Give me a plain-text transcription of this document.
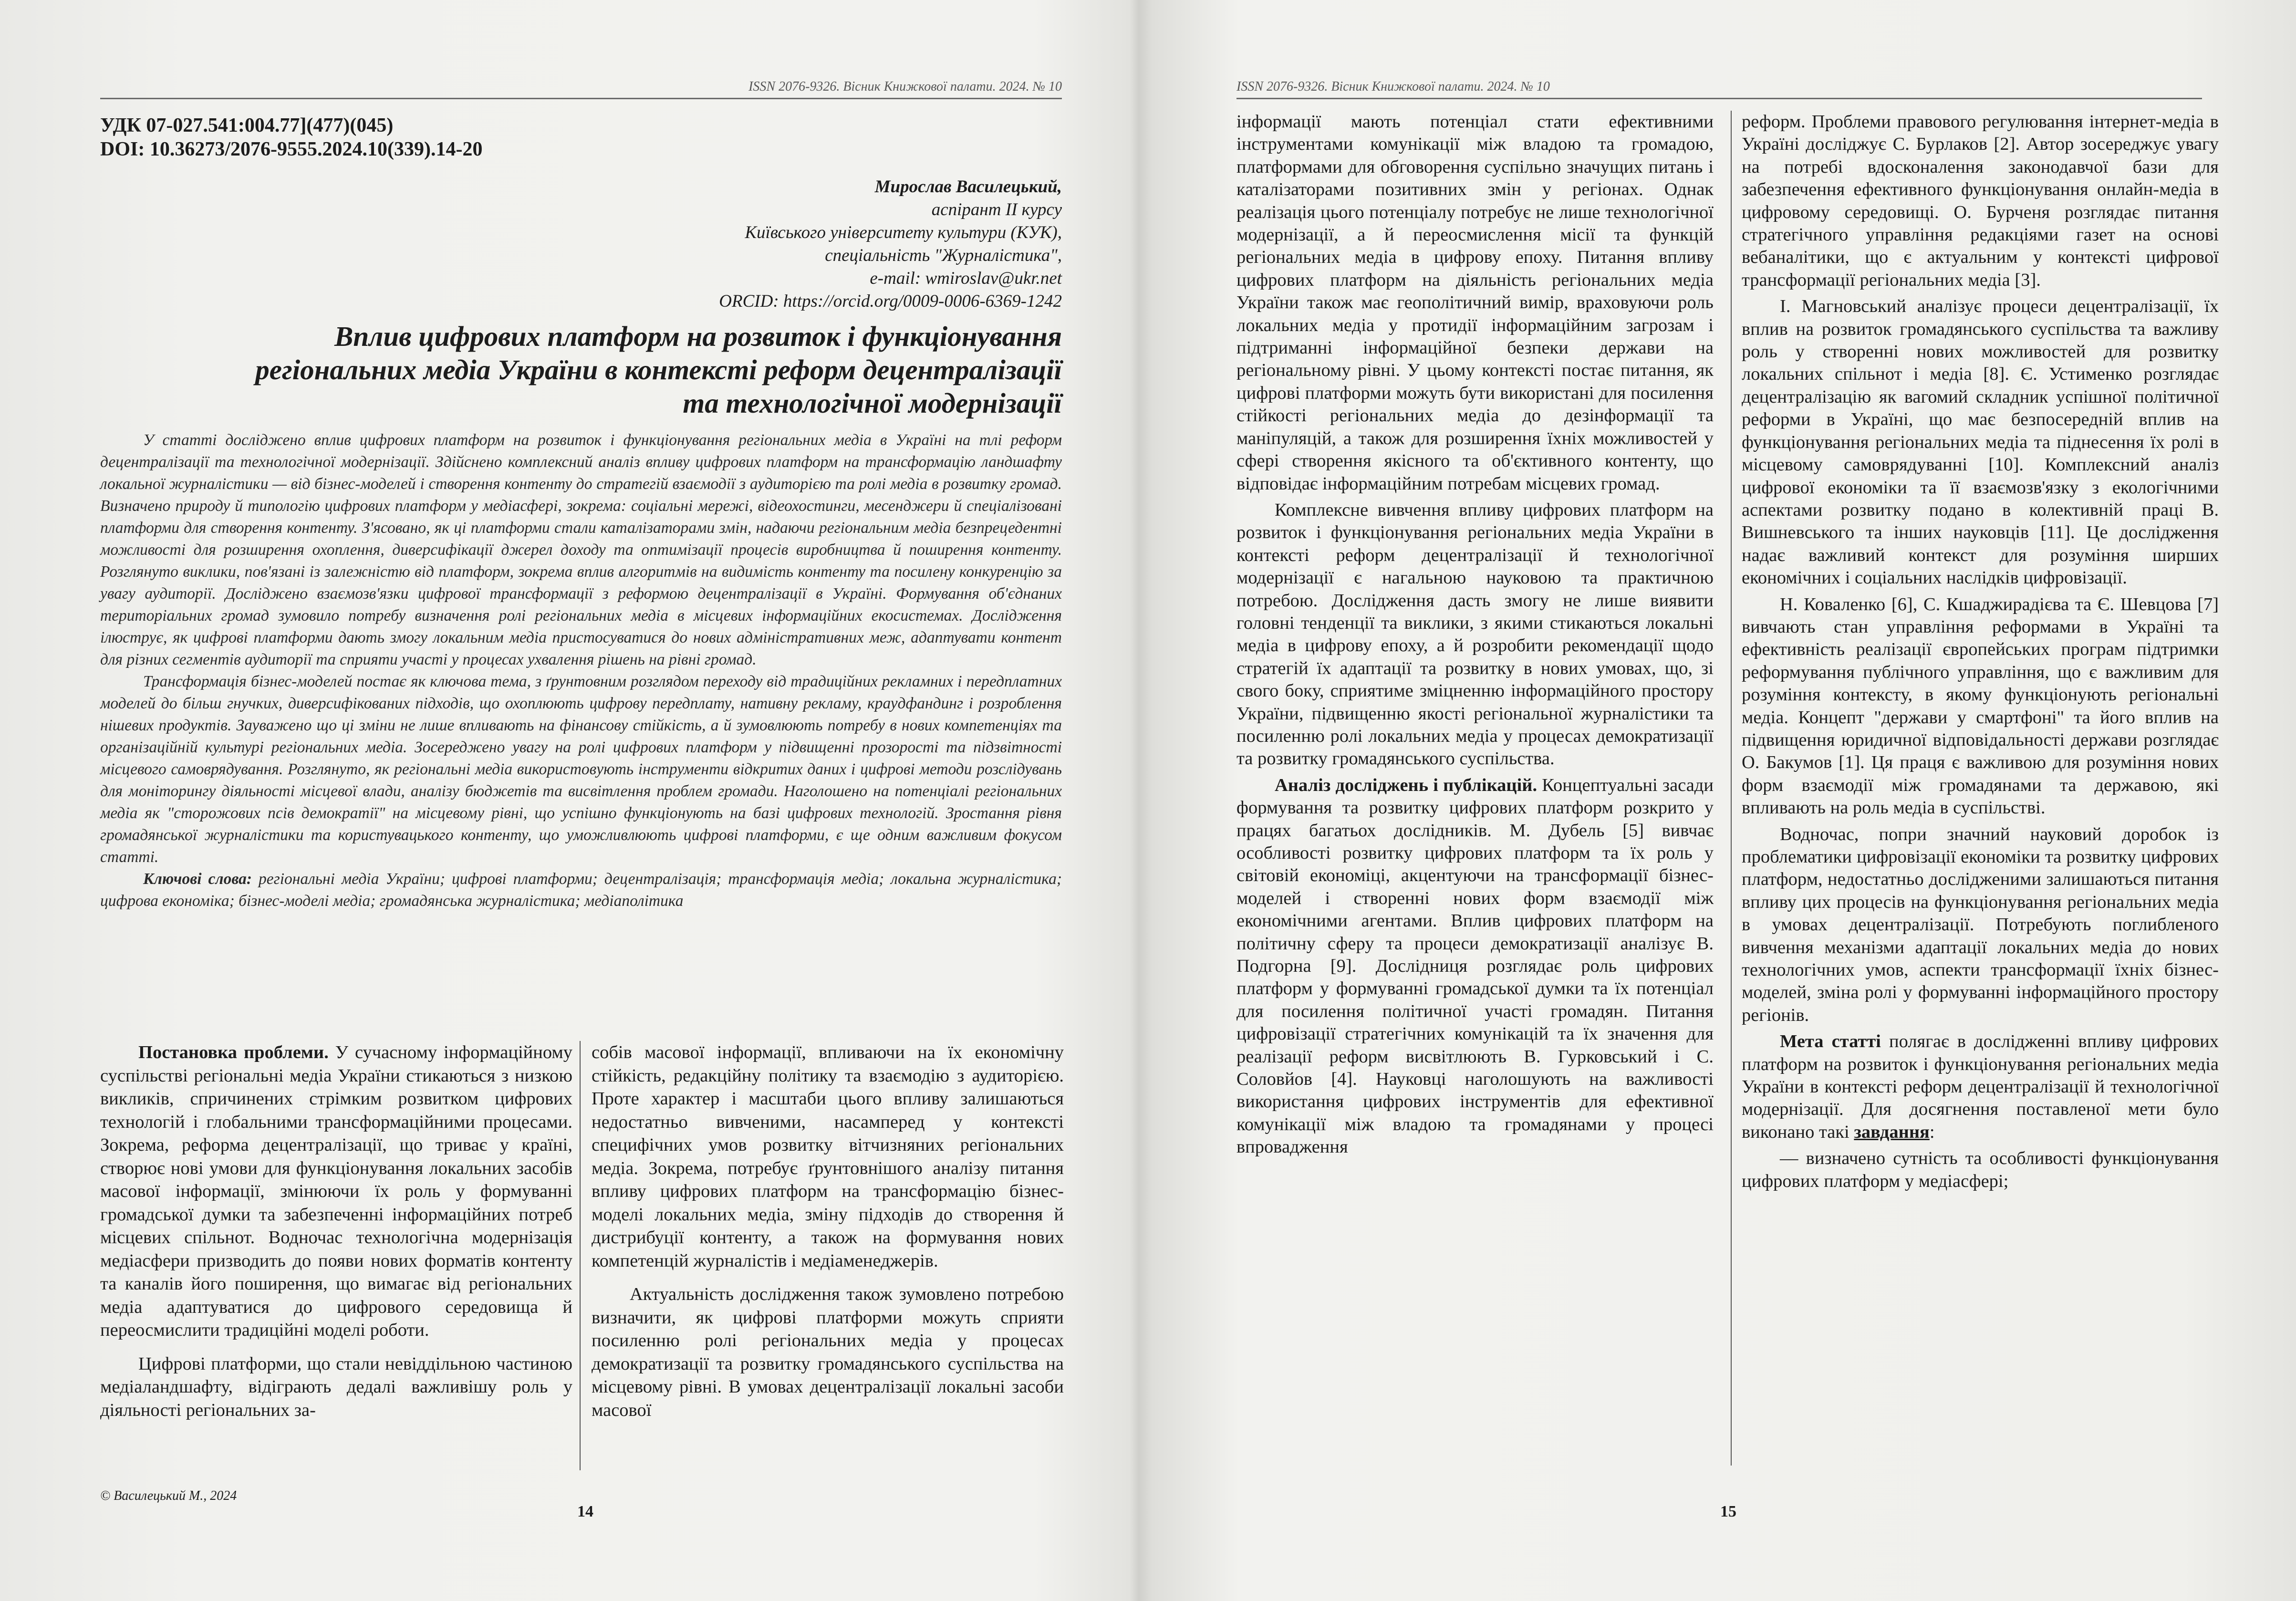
ISSN 2076-9326. Вісник Книжкової палати. 2024. № 10
УДК 07-027.541:004.77](477)(045)
DOI: 10.36273/2076-9555.2024.10(339).14-20
Мирослав Василецький,
аспірант ІІ курсу
Київського університету культури (КУК),
спеціальність "Журналістика",
e-mail: wmiroslav@ukr.net
ORCID: https://orcid.org/0009-0006-6369-1242
Вплив цифрових платформ на розвиток і функціонування
регіональних медіа України в контексті реформ децентралізації
та технологічної модернізації

У статті досліджено вплив цифрових платформ на розвиток і функціонування регіональних медіа в Україні на тлі реформ децентралізації та технологічної модернізації. Здійснено комплексний аналіз впливу цифрових платформ на трансформацію ландшафту локальної журналістики — від бізнес-моделей і створення контенту до стратегій взаємодії з аудиторією та ролі медіа в розвитку громад. Визначено природу й типологію цифрових платформ у медіасфері, зокрема: соціальні мережі, відеохостинги, месенджери й спеціалізовані платформи для створення контенту. З'ясовано, як ці платформи стали каталізаторами змін, надаючи регіональним медіа безпрецедентні можливості для розширення охоплення, диверсифікації джерел доходу та оптимізації процесів виробництва й поширення контенту. Розглянуто виклики, пов'язані із залежністю від платформ, зокрема вплив алгоритмів на видимість контенту та посилену конкуренцію за увагу аудиторії. Досліджено взаємозв'язки цифрової трансформації з реформою децентралізації в Україні. Формування об'єднаних територіальних громад зумовило потребу визначення ролі регіональних медіа в місцевих інформаційних екосистемах. Дослідження ілюструє, як цифрові платформи дають змогу локальним медіа пристосуватися до нових адміністративних меж, адаптувати контент для різних сегментів аудиторії та сприяти участі у процесах ухвалення рішень на рівні громад.

Трансформація бізнес-моделей постає як ключова тема, з ґрунтовним розглядом переходу від традиційних рекламних і передплатних моделей до більш гнучких, диверсифікованих підходів, що охоплюють цифрову передплату, нативну рекламу, краудфандинг і розроблення нішевих продуктів. Зауважено що ці зміни не лише впливають на фінансову стійкість, а й зумовлюють потребу в нових компетенціях та організаційній культурі регіональних медіа. Зосереджено увагу на ролі цифрових платформ у підвищенні прозорості та підзвітності місцевого самоврядування. Розглянуто, як регіональні медіа використовують інструменти відкритих даних і цифрові методи розслідувань для моніторингу діяльності місцевої влади, аналізу бюджетів та висвітлення проблем громади. Наголошено на потенціалі регіональних медіа як "сторожових псів демократії" на місцевому рівні, що успішно функціонують на базі цифрових технологій. Зростання рівня громадянської журналістики та користувацького контенту, що уможливлюють цифрові платформи, є ще одним важливим фокусом статті.

Ключові слова: регіональні медіа України; цифрові платформи; децентралізація; трансформація медіа; локальна журналістика; цифрова економіка; бізнес-моделі медіа; громадянська журналістика; медіаполітика

Постановка проблеми. У сучасному інформаційному суспільстві регіональні медіа України стикаються з низкою викликів, спричинених стрімким розвитком цифрових технологій і глобальними трансформаційними процесами. Зокрема, реформа децентралізації, що триває у країні, створює нові умови для функціонування локальних засобів масової інформації, змінюючи їх роль у формуванні громадської думки та забезпеченні інформаційних потреб місцевих спільнот. Водночас технологічна модернізація медіасфери призводить до появи нових форматів контенту та каналів його поширення, що вимагає від регіональних медіа адаптуватися до цифрового середовища й переосмислити традиційні моделі роботи.

Цифрові платформи, що стали невіддільною частиною медіаландшафту, відіграють дедалі важливішу роль у діяльності регіональних за-

собів масової інформації, впливаючи на їх економічну стійкість, редакційну політику та взаємодію з аудиторією. Проте характер і масштаби цього впливу залишаються недостатньо вивченими, насамперед у контексті специфічних умов розвитку вітчизняних регіональних медіа. Зокрема, потребує ґрунтовнішого аналізу питання впливу цифрових платформ на трансформацію бізнес-моделі локальних медіа, зміну підходів до створення й дистрибуції контенту, а також на формування нових компетенцій журналістів і медіаменеджерів.

Актуальність дослідження також зумовлено потребою визначити, як цифрові платформи можуть сприяти посиленню ролі регіональних медіа у процесах демократизації та розвитку громадянського суспільства на місцевому рівні. В умовах децентралізації локальні засоби масової

© Василецький М., 2024
14
ISSN 2076-9326. Вісник Книжкової палати. 2024. № 10

інформації мають потенціал стати ефективними інструментами комунікації між владою та громадою, платформами для обговорення суспільно значущих питань і каталізаторами позитивних змін у регіонах. Однак реалізація цього потенціалу потребує не лише технологічної модернізації, а й переосмислення місії та функцій регіональних медіа в цифрову епоху. Питання впливу цифрових платформ на діяльність регіональних медіа України також має геополітичний вимір, враховуючи роль локальних медіа у протидії інформаційним загрозам і підтриманні інформаційної безпеки держави на регіональному рівні. У цьому контексті постає питання, як цифрові платформи можуть бути використані для посилення стійкості регіональних медіа до дезінформації та маніпуляцій, а також для розширення їхніх можливостей у сфері створення якісного та об'єктивного контенту, що відповідає інформаційним потребам місцевих громад.

Комплексне вивчення впливу цифрових платформ на розвиток і функціонування регіональних медіа України в контексті реформ децентралізації й технологічної модернізації є нагальною науковою та практичною потребою. Дослідження дасть змогу не лише виявити головні тенденції та виклики, з якими стикаються локальні медіа в цифрову епоху, а й розробити рекомендації щодо стратегій їх адаптації та розвитку в нових умовах, що, зі свого боку, сприятиме зміцненню інформаційного простору України, підвищенню якості регіональної журналістики та посиленню ролі локальних медіа у процесах демократизації та розвитку громадянського суспільства.

Аналіз досліджень і публікацій. Концептуальні засади формування та розвитку цифрових платформ розкрито у працях багатьох дослідників. М. Дубель [5] вивчає особливості розвитку цифрових платформ та їх роль у світовій економіці, акцентуючи на трансформації бізнес-моделей і створенні нових форм взаємодії між економічними агентами. Вплив цифрових платформ на політичну сферу та процеси демократизації аналізує В. Подгорна [9]. Дослідниця розглядає роль цифрових платформ у формуванні громадської думки та їх потенціал для посилення політичної участі громадян. Питання цифровізації стратегічних комунікацій та їх значення для реалізації реформ висвітлюють В. Гурковський і С. Соловйов [4]. Науковці наголошують на важливості використання цифрових інструментів для ефективної комунікації між владою та громадянами у процесі впровадження

реформ. Проблеми правового регулювання інтернет-медіа в Україні досліджує С. Бурлаков [2]. Автор зосереджує увагу на потребі вдосконалення законодавчої бази для забезпечення ефективного функціонування онлайн-медіа в цифровому середовищі. О. Бурченя розглядає питання стратегічного управління редакціями газет на основі вебаналітики, що є актуальним у контексті цифрової трансформації регіональних медіа [3].

І. Магновський аналізує процеси децентралізації, їх вплив на розвиток громадянського суспільства та важливу роль у створенні нових можливостей для розвитку локальних спільнот і медіа [8]. Є. Устименко розглядає децентралізацію як вагомий складник успішної політичної реформи в Україні, що має безпосередній вплив на функціонування регіональних медіа та піднесення їх ролі в місцевому самоврядуванні [10]. Комплексний аналіз цифрової економіки та її взаємозв'язку з екологічними аспектами розвитку подано в колективній праці В. Вишневського та інших науковців [11]. Це дослідження надає важливий контекст для розуміння ширших економічних і соціальних наслідків цифровізації.

Н. Коваленко [6], С. Кшаджирадієва та Є. Шевцова [7] вивчають стан управління реформами в Україні та ефективність реалізації європейських програм підтримки реформування публічного управління, що є важливим для розуміння контексту, в якому функціонують регіональні медіа. Концепт "держави у смартфоні" та його вплив на підвищення юридичної відповідальності держави розглядає О. Бакумов [1]. Ця праця є важливою для розуміння нових форм взаємодії між громадянами та державою, які впливають на роль медіа в суспільстві.

Водночас, попри значний науковий доробок із проблематики цифровізації економіки та розвитку цифрових платформ, недостатньо дослідженими залишаються питання впливу цих процесів на функціонування регіональних медіа в умовах децентралізації. Потребують поглибленого вивчення механізми адаптації локальних медіа до нових технологічних умов, аспекти трансформації їхніх бізнес-моделей, зміна ролі у формуванні інформаційного простору регіонів.

Мета статті полягає в дослідженні впливу цифрових платформ на розвиток і функціонування регіональних медіа України в контексті реформ децентралізації й технологічної модернізації. Для досягнення поставленої мети було виконано такі завдання:

— визначено сутність та особливості функціонування цифрових платформ у медіасфері;

15
